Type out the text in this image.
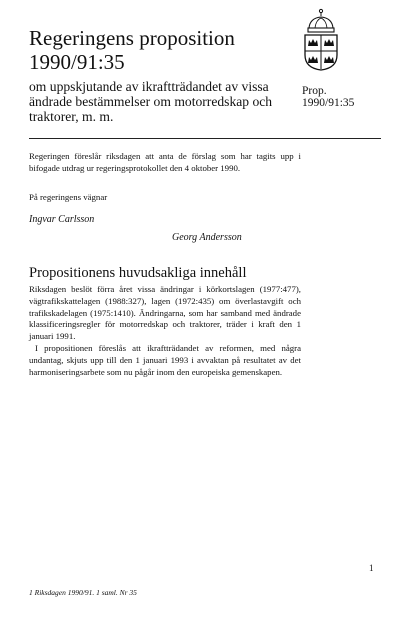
Regeringens proposition
1990/91:35
om uppskjutande av ikraftträdandet av vissa ändrade bestämmelser om motorredskap och traktorer, m. m.
Prop.
1990/91:35
Regeringen föreslår riksdagen att anta de förslag som har tagits upp i bifogade utdrag ur regeringsprotokollet den 4 oktober 1990.
På regeringens vägnar
Ingvar Carlsson
Georg Andersson
Propositionens huvudsakliga innehåll

Riksdagen beslöt förra året vissa ändringar i körkortslagen (1977:477), vägtrafikskattelagen (1988:327), lagen (1972:435) om överlastavgift och trafikskadelagen (1975:1410). Ändringarna, som har samband med ändrade klassificeringsregler för motorredskap och traktorer, träder i kraft den 1 januari 1991.

I propositionen föreslås att ikraftträdandet av reformen, med några undantag, skjuts upp till den 1 januari 1993 i avvaktan på resultatet av det harmoniseringsarbete som nu pågår inom den europeiska gemenskapen.

1
1 Riksdagen 1990/91. 1 saml. Nr 35
